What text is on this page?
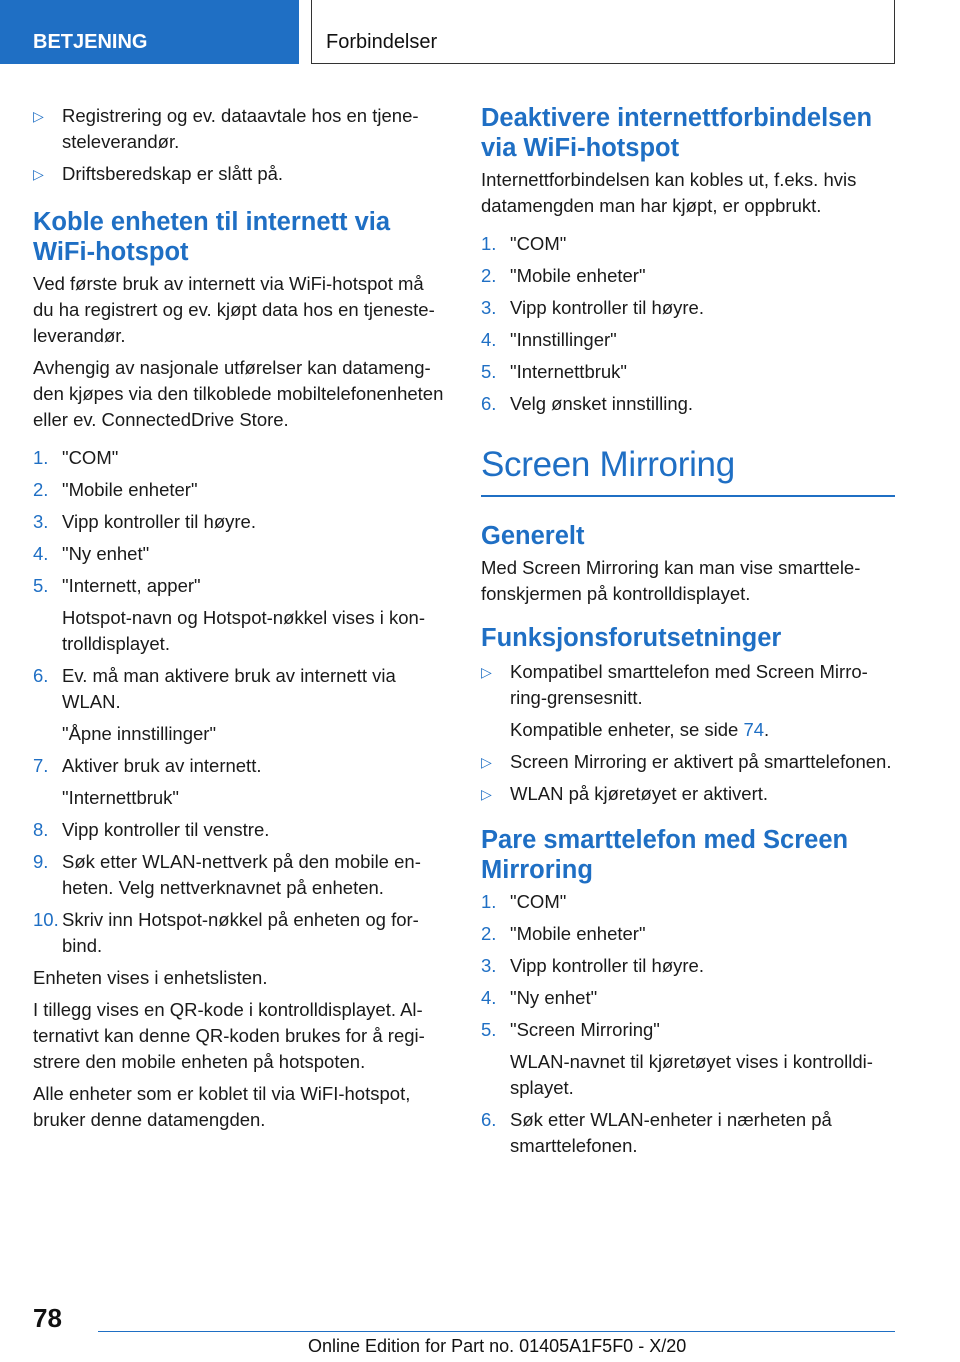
BETJENING	Forbindelser
▷ Registrering og ev. dataavtale hos en tjenesteleverandør.
▷ Driftsberedskap er slått på.
Koble enheten til internett via WiFi-hotspot

Ved første bruk av internett via WiFi-hotspot må du ha registrert og ev. kjøpt data hos en tjenesteleverandør.

Avhengig av nasjonale utførelser kan datamengden kjøpes via den tilkoblede mobiltelefonenheten eller ev. ConnectedDrive Store.

1. "COM"
2. "Mobile enheter"
3. Vipp kontroller til høyre.
4. "Ny enhet"
5. "Internett, apper"
Hotspot-navn og Hotspot-nøkkel vises i kontrolldisplayet.
6. Ev. må man aktivere bruk av internett via WLAN.
"Åpne innstillinger"
7. Aktiver bruk av internett.
"Internettbruk"
8. Vipp kontroller til venstre.
9. Søk etter WLAN-nettverk på den mobile enheten. Velg nettverknavnet på enheten.
10. Skriv inn Hotspot-nøkkel på enheten og forbind.

Enheten vises i enhetslisten.

I tillegg vises en QR-kode i kontrolldisplayet. Alternativt kan denne QR-koden brukes for å registrere den mobile enheten på hotspoten.

Alle enheter som er koblet til via WiFI-hotspot, bruker denne datamengden.

Deaktivere internettforbindelsen via WiFi-hotspot

Internettforbindelsen kan kobles ut, f.eks. hvis datamengden man har kjøpt, er oppbrukt.

1. "COM"
2. "Mobile enheter"
3. Vipp kontroller til høyre.
4. "Innstillinger"
5. "Internettbruk"
6. Velg ønsket innstilling.
Screen Mirroring
Generelt

Med Screen Mirroring kan man vise smarttelefonskjermen på kontrolldisplayet.

Funksjonsforutsetninger
▷ Kompatibel smarttelefon med Screen Mirroring-grensesnitt.
Kompatible enheter, se side 74.
▷ Screen Mirroring er aktivert på smarttelefonen.
▷ WLAN på kjøretøyet er aktivert.
Pare smarttelefon med Screen Mirroring
1. "COM"
2. "Mobile enheter"
3. Vipp kontroller til høyre.
4. "Ny enhet"
5. "Screen Mirroring"
WLAN-navnet til kjøretøyet vises i kontrolldisplayet.
6. Søk etter WLAN-enheter i nærheten på smarttelefonen.
78
Online Edition for Part no. 01405A1F5F0 - X/20
